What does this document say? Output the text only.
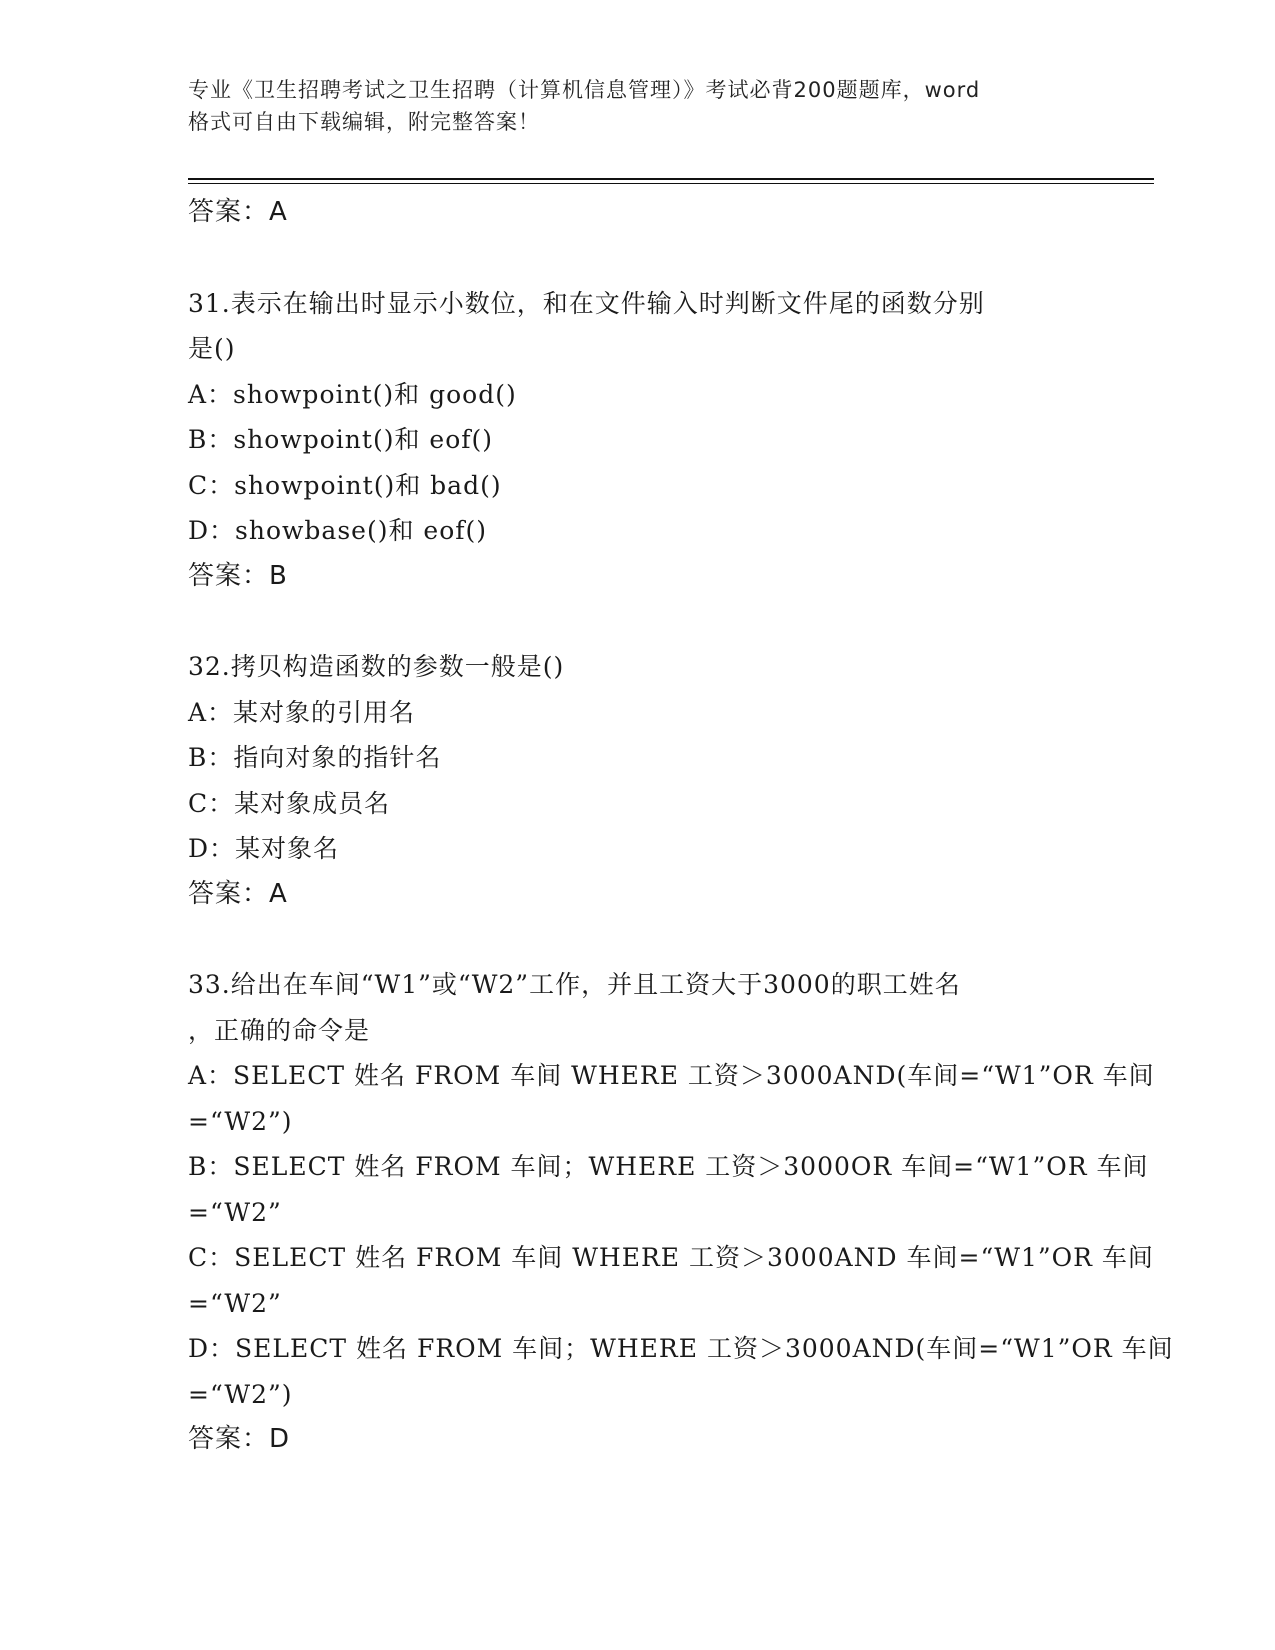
专业《卫生招聘考试之卫生招聘（计算机信息管理）》考试必背200题题库，word
格式可自由下载编辑，附完整答案！
答案：A
31.表示在输出时显示小数位，和在文件输入时判断文件尾的函数分别
是()
A：showpoint()和 good()
B：showpoint()和 eof()
C：showpoint()和 bad()
D：showbase()和 eof()
答案：B
32.拷贝构造函数的参数一般是()
A：某对象的引用名
B：指向对象的指针名
C：某对象成员名
D：某对象名
答案：A
33.给出在车间“W1”或“W2”工作，并且工资大于3000的职工姓名
，正确的命令是
A：SELECT 姓名 FROM 车间 WHERE 工资＞3000AND(车间=“W1”OR 车间
=“W2”)
B：SELECT 姓名 FROM 车间；WHERE 工资＞3000OR 车间=“W1”OR 车间
=“W2”
C：SELECT 姓名 FROM 车间 WHERE 工资＞3000AND 车间=“W1”OR 车间
=“W2”
D：SELECT 姓名 FROM 车间；WHERE 工资＞3000AND(车间=“W1”OR 车间
=“W2”)
答案：D
